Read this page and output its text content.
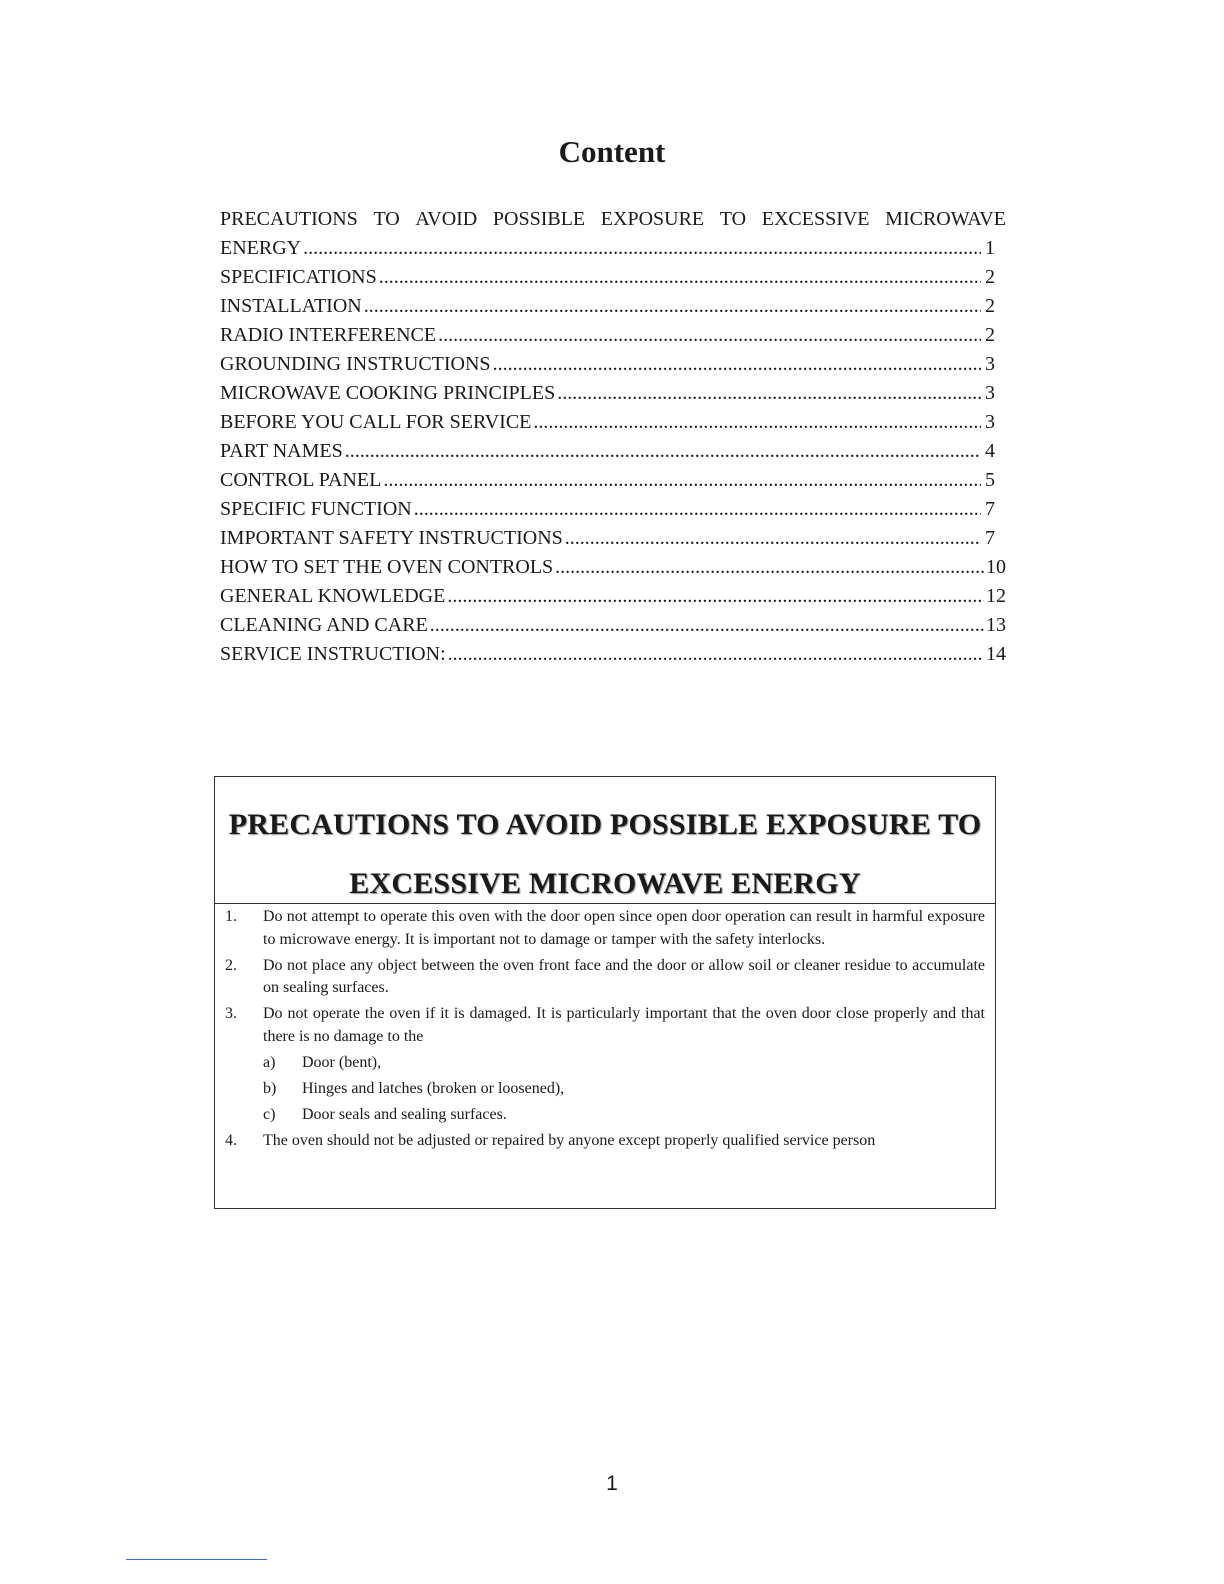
Content
PRECAUTIONS TO AVOID POSSIBLE EXPOSURE TO EXCESSIVE MICROWAVE
ENERGY .....	1
SPECIFICATIONS .....	2
INSTALLATION .....	2
RADIO INTERFERENCE .....	2
GROUNDING INSTRUCTIONS .....	3
MICROWAVE COOKING PRINCIPLES .....	3
BEFORE YOU CALL FOR SERVICE .....	3
PART NAMES .....	4
CONTROL PANEL .....	5
SPECIFIC FUNCTION .....	7
IMPORTANT SAFETY INSTRUCTIONS .....	7
HOW TO SET THE OVEN CONTROLS .....	10
GENERAL KNOWLEDGE .....	12
CLEANING AND CARE .....	13
SERVICE INSTRUCTION: .....	14
PRECAUTIONS TO AVOID POSSIBLE EXPOSURE TO
EXCESSIVE MICROWAVE ENERGY
1.	Do not attempt to operate this oven with the door open since open door operation can result in harmful exposure to microwave energy. It is important not to damage or tamper with the safety interlocks.
2.	Do not place any object between the oven front face and the door or allow soil or cleaner residue to accumulate on sealing surfaces.
3.	Do not operate the oven if it is damaged. It is particularly important that the oven door close properly and that there is no damage to the
a)	Door (bent),
b)	Hinges and latches (broken or loosened),
c)	Door seals and sealing surfaces.
4.	The oven should not be adjusted or repaired by anyone except properly qualified service person
1
